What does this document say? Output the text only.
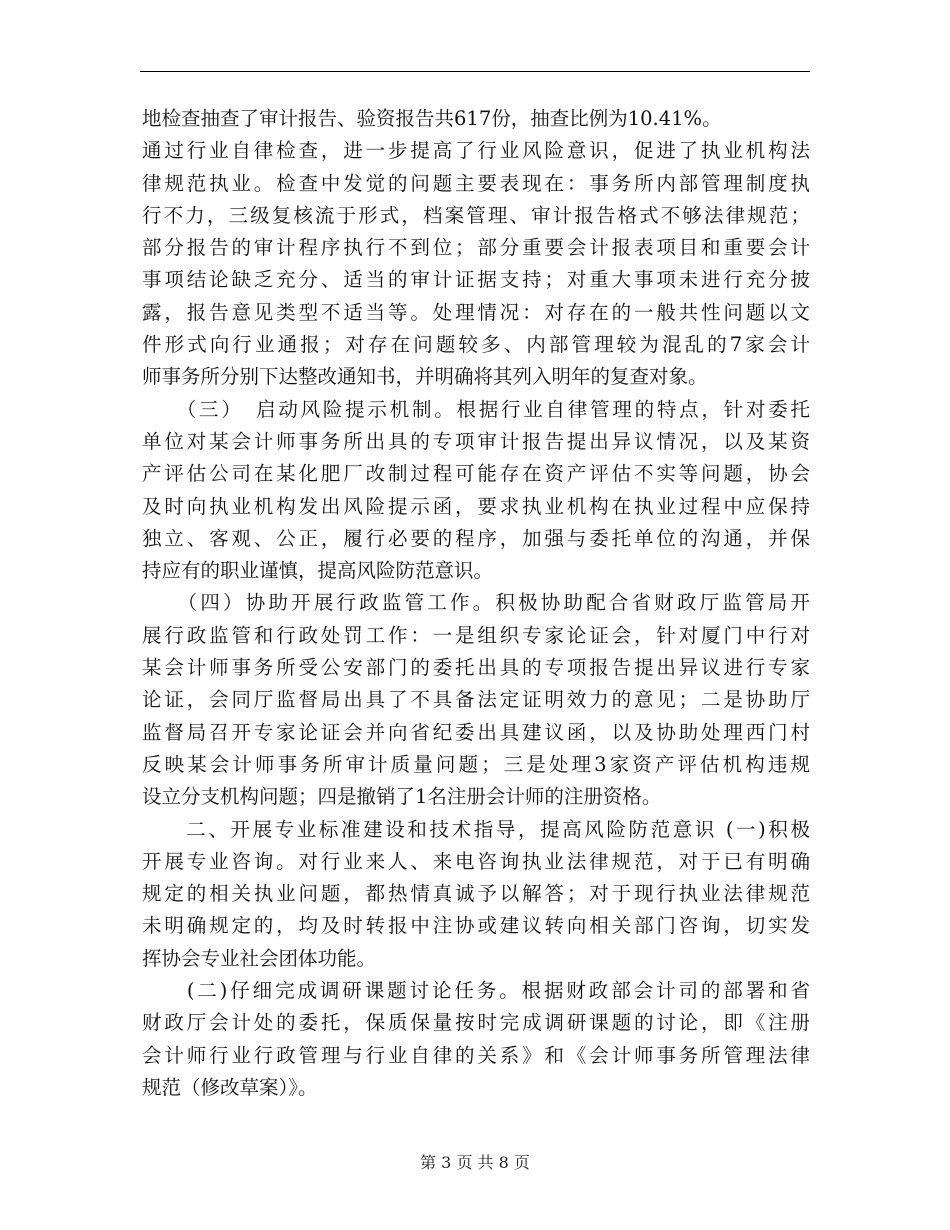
地检查抽查了审计报告、验资报告共617份，抽查比例为10.41%。
通过行业自律检查，进一步提高了行业风险意识，促进了执业机构法
律规范执业。检查中发觉的问题主要表现在：事务所内部管理制度执
行不力，三级复核流于形式，档案管理、审计报告格式不够法律规范；
部分报告的审计程序执行不到位；部分重要会计报表项目和重要会计
事项结论缺乏充分、适当的审计证据支持；对重大事项未进行充分披
露，报告意见类型不适当等。处理情况：对存在的一般共性问题以文
件形式向行业通报；对存在问题较多、内部管理较为混乱的7家会计
师事务所分别下达整改通知书，并明确将其列入明年的复查对象。
　　（三）　启动风险提示机制。根据行业自律管理的特点，针对委托
单位对某会计师事务所出具的专项审计报告提出异议情况，以及某资
产评估公司在某化肥厂改制过程可能存在资产评估不实等问题，协会
及时向执业机构发出风险提示函，要求执业机构在执业过程中应保持
独立、客观、公正，履行必要的程序，加强与委托单位的沟通，并保
持应有的职业谨慎，提高风险防范意识。
　　（四）协助开展行政监管工作。积极协助配合省财政厅监管局开
展行政监管和行政处罚工作：一是组织专家论证会，针对厦门中行对
某会计师事务所受公安部门的委托出具的专项报告提出异议进行专家
论证，会同厅监督局出具了不具备法定证明效力的意见；二是协助厅
监督局召开专家论证会并向省纪委出具建议函，以及协助处理西门村
反映某会计师事务所审计质量问题；三是处理3家资产评估机构违规
设立分支机构问题；四是撤销了1名注册会计师的注册资格。
　　二、开展专业标准建设和技术指导，提高风险防范意识 (一)积极
开展专业咨询。对行业来人、来电咨询执业法律规范，对于已有明确
规定的相关执业问题，都热情真诚予以解答；对于现行执业法律规范
未明确规定的，均及时转报中注协或建议转向相关部门咨询，切实发
挥协会专业社会团体功能。
　　(二)仔细完成调研课题讨论任务。根据财政部会计司的部署和省
财政厅会计处的委托，保质保量按时完成调研课题的讨论，即《注册
会计师行业行政管理与行业自律的关系》和《会计师事务所管理法律
规范（修改草案）》。
第 3 页 共 8 页
